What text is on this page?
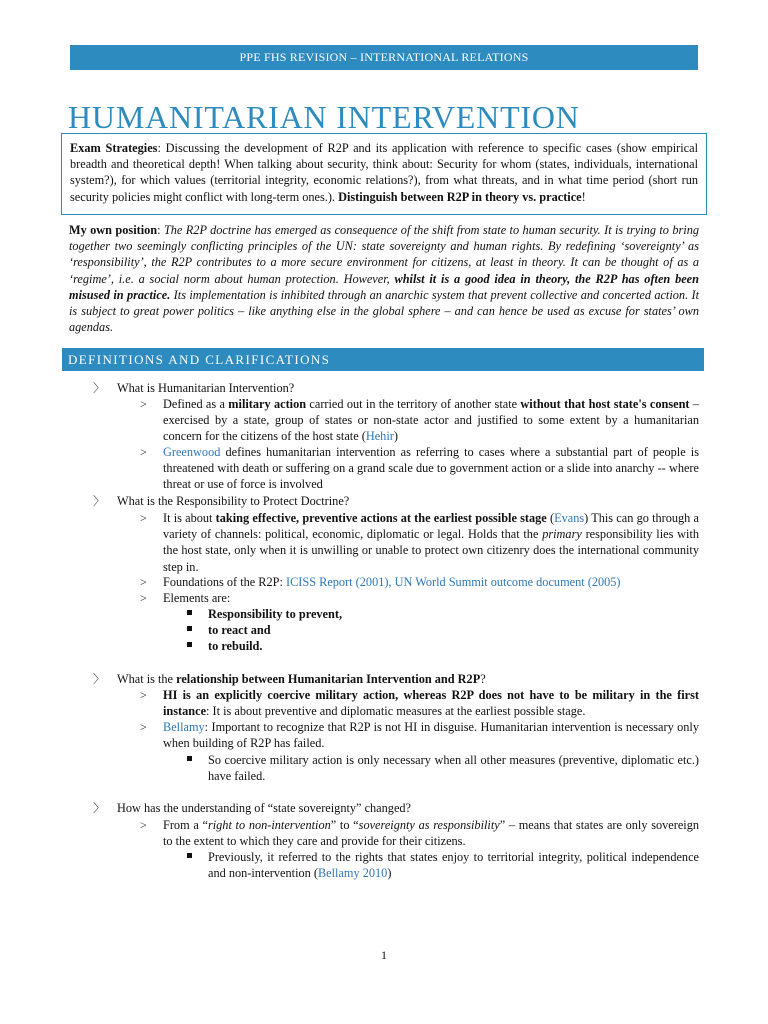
PPE FHS REVISION – INTERNATIONAL RELATIONS
HUMANITARIAN INTERVENTION
Exam Strategies: Discussing the development of R2P and its application with reference to specific cases (show empirical breadth and theoretical depth! When talking about security, think about: Security for whom (states, individuals, international system?), for which values (territorial integrity, economic relations?), from what threats, and in what time period (short run security policies might conflict with long-term ones.). Distinguish between R2P in theory vs. practice!
My own position: The R2P doctrine has emerged as consequence of the shift from state to human security. It is trying to bring together two seemingly conflicting principles of the UN: state sovereignty and human rights. By redefining ‘sovereignty’ as ‘responsibility’, the R2P contributes to a more secure environment for citizens, at least in theory. It can be thought of as a ‘regime’, i.e. a social norm about human protection. However, whilst it is a good idea in theory, the R2P has often been misused in practice. Its implementation is inhibited through an anarchic system that prevent collective and concerted action. It is subject to great power politics – like anything else in the global sphere – and can hence be used as excuse for states’ own agendas.
DEFINITIONS AND CLARIFICATIONS
〉 What is Humanitarian Intervention?
> Defined as a military action carried out in the territory of another state without that host state's consent – exercised by a state, group of states or non-state actor and justified to some extent by a humanitarian concern for the citizens of the host state (Hehir)
> Greenwood defines humanitarian intervention as referring to cases where a substantial part of people is threatened with death or suffering on a grand scale due to government action or a slide into anarchy -- where threat or use of force is involved
〉 What is the Responsibility to Protect Doctrine?
> It is about taking effective, preventive actions at the earliest possible stage (Evans) This can go through a variety of channels: political, economic, diplomatic or legal. Holds that the primary responsibility lies with the host state, only when it is unwilling or unable to protect own citizenry does the international community step in.
> Foundations of the R2P: ICISS Report (2001), UN World Summit outcome document (2005)
> Elements are:
Responsibility to prevent,
to react and
to rebuild.
〉 What is the relationship between Humanitarian Intervention and R2P?
> HI is an explicitly coercive military action, whereas R2P does not have to be military in the first instance: It is about preventive and diplomatic measures at the earliest possible stage.
> Bellamy: Important to recognize that R2P is not HI in disguise. Humanitarian intervention is necessary only when building of R2P has failed.
So coercive military action is only necessary when all other measures (preventive, diplomatic etc.) have failed.
〉 How has the understanding of “state sovereignty” changed?
> From a “right to non-intervention” to “sovereignty as responsibility” – means that states are only sovereign to the extent to which they care and provide for their citizens.
Previously, it referred to the rights that states enjoy to territorial integrity, political independence and non-intervention (Bellamy 2010)
1
